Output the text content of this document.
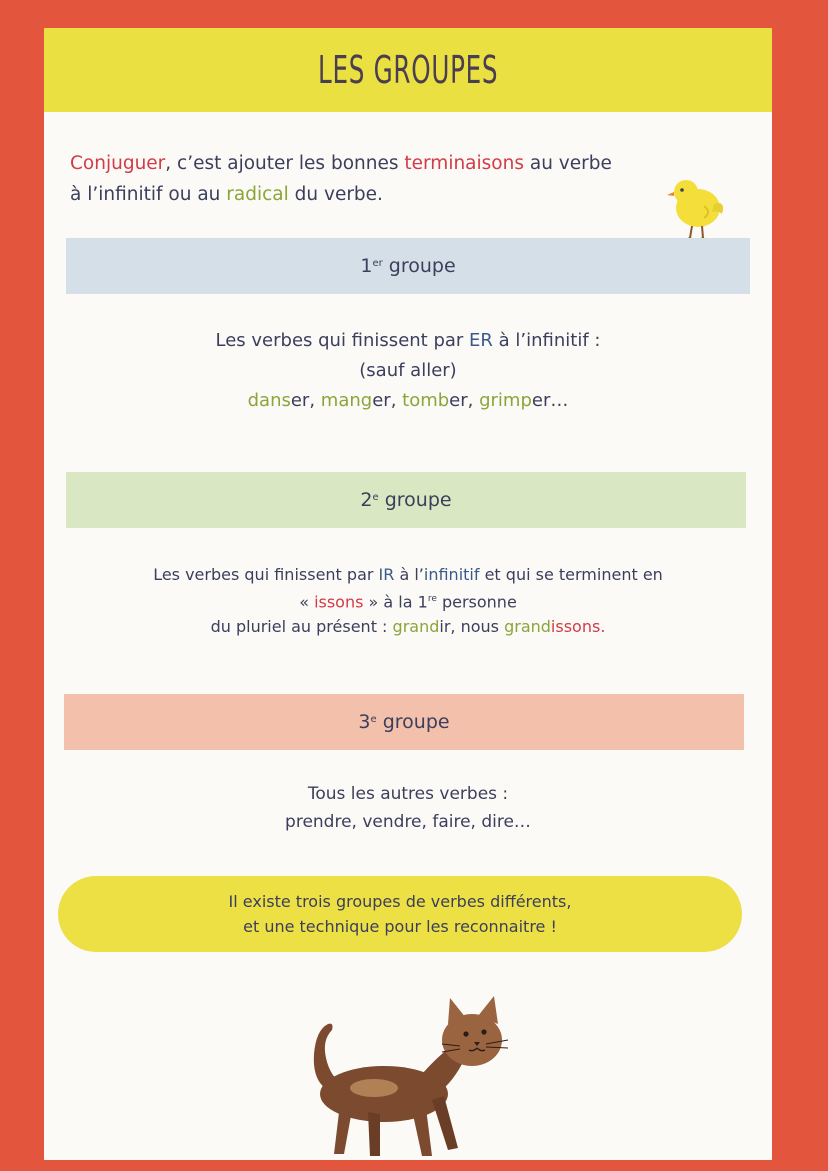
LES GROUPES
Conjuguer, c’est ajouter les bonnes terminaisons au verbe
à l’infinitif ou au radical du verbe.
1er
groupe
Les verbes qui finissent par ER à l’infinitif :
(sauf aller)
danser, manger, tomber, grimper…
2e
groupe
Les verbes qui finissent par IR à l’infinitif et qui se terminent en
« issons » à la 1re personne
du pluriel au présent : grandir, nous grandissons.
3e
groupe
Tous les autres verbes :
prendre, vendre, faire, dire…
Il existe trois groupes de verbes différents,
et une technique pour les reconnaitre !
